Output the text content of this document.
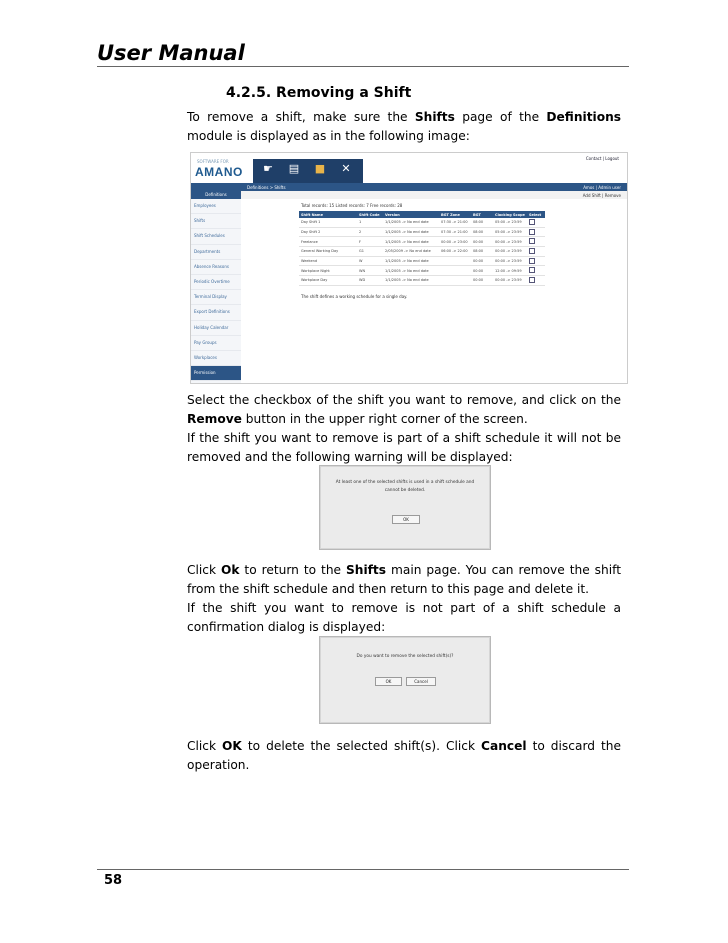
User Manual
4.2.5. Removing a Shift
To remove a shift, make sure the Shifts page of the Definitions
module is displayed as in the following image:
SOFTWARE FOR
AMANO ☛ ▤ ■ ✕
Contact | Logout
Definitions > Shifts	Amos | Admin user
Add Shift | Remove
Definitions
Employees
Shifts
Shift Schedules
Departments
Absence Reasons
Periodic Overtime
Terminal Display
Export Definitions
Holiday Calendar
Pay Groups
Workplaces
Permission
Total records: 15 Listed records: 7 Free records: 28
Shift Name	Shift Code	Version	BGT Zone	BGT	Clocking Scope	Select
Day Shift 1	1	1/1/2005 -> No end date	07:30 -> 21:00	08:00	05:00 -> 23:59	
Day Shift 2	2	1/1/2005 -> No end date	07:30 -> 21:00	08:00	05:00 -> 23:59	
Freelance	F	1/1/2005 -> No end date	00:00 -> 23:00	00:00	00:00 -> 23:59	
General Working Day	G1	2/05/2009 -> No end date	06:00 -> 22:00	08:00	00:00 -> 23:59	
Weekend	W	1/1/2005 -> No end date		00:00	00:00 -> 23:59	
Workplace Night	WN	1/1/2005 -> No end date		00:00	12:00 -> 09:59	
Workplace Day	WD	1/1/2005 -> No end date		00:00	00:00 -> 23:59	
The shift defines a working schedule for a single day.
Select the checkbox of the shift you want to remove, and click on the
Remove button in the upper right corner of the screen.
If the shift you want to remove is part of a shift schedule it will not be
removed and the following warning will be displayed:
At least one of the selected shifts is used in a shift schedule and
cannot be deleted.
OK
Click Ok to return to the Shifts main page. You can remove the shift
from the shift schedule and then return to this page and delete it.
If the shift you want to remove is not part of a shift schedule a
confirmation dialog is displayed:
Do you want to remove the selected shift(s)?
OK	Cancel
Click OK to delete the selected shift(s). Click Cancel to discard the
operation.
58
